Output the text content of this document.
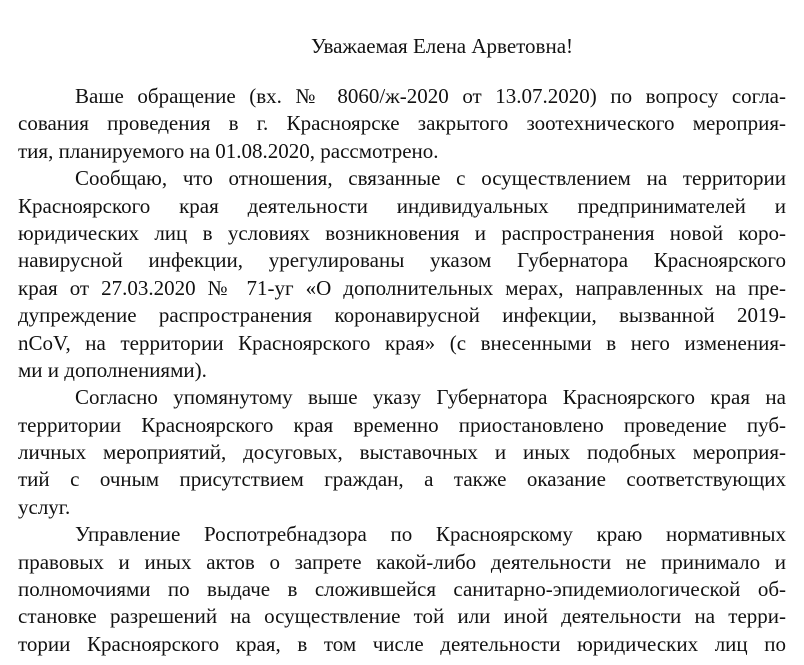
Уважаемая Елена Арветовна!
Ваше обращение (вх. № 8060/ж-2020 от 13.07.2020) по вопросу согла-
сования проведения в г. Красноярске закрытого зоотехнического мероприя-
тия, планируемого на 01.08.2020, рассмотрено.
Сообщаю, что отношения, связанные с осуществлением на территории
Красноярского края деятельности индивидуальных предпринимателей и
юридических лиц в условиях возникновения и распространения новой коро-
навирусной инфекции, урегулированы указом Губернатора Красноярского
края от 27.03.2020 № 71-уг «О дополнительных мерах, направленных на пре-
дупреждение распространения коронавирусной инфекции, вызванной 2019-
nCoV, на территории Красноярского края» (с внесенными в него изменения-
ми и дополнениями).
Согласно упомянутому выше указу Губернатора Красноярского края на
территории Красноярского края временно приостановлено проведение пуб-
личных мероприятий, досуговых, выставочных и иных подобных мероприя-
тий с очным присутствием граждан, а также оказание соответствующих
услуг.
Управление Роспотребнадзора по Красноярскому краю нормативных
правовых и иных актов о запрете какой-либо деятельности не принимало и
полномочиями по выдаче в сложившейся санитарно-эпидемиологической об-
становке разрешений на осуществление той или иной деятельности на терри-
тории Красноярского края, в том числе деятельности юридических лиц по
